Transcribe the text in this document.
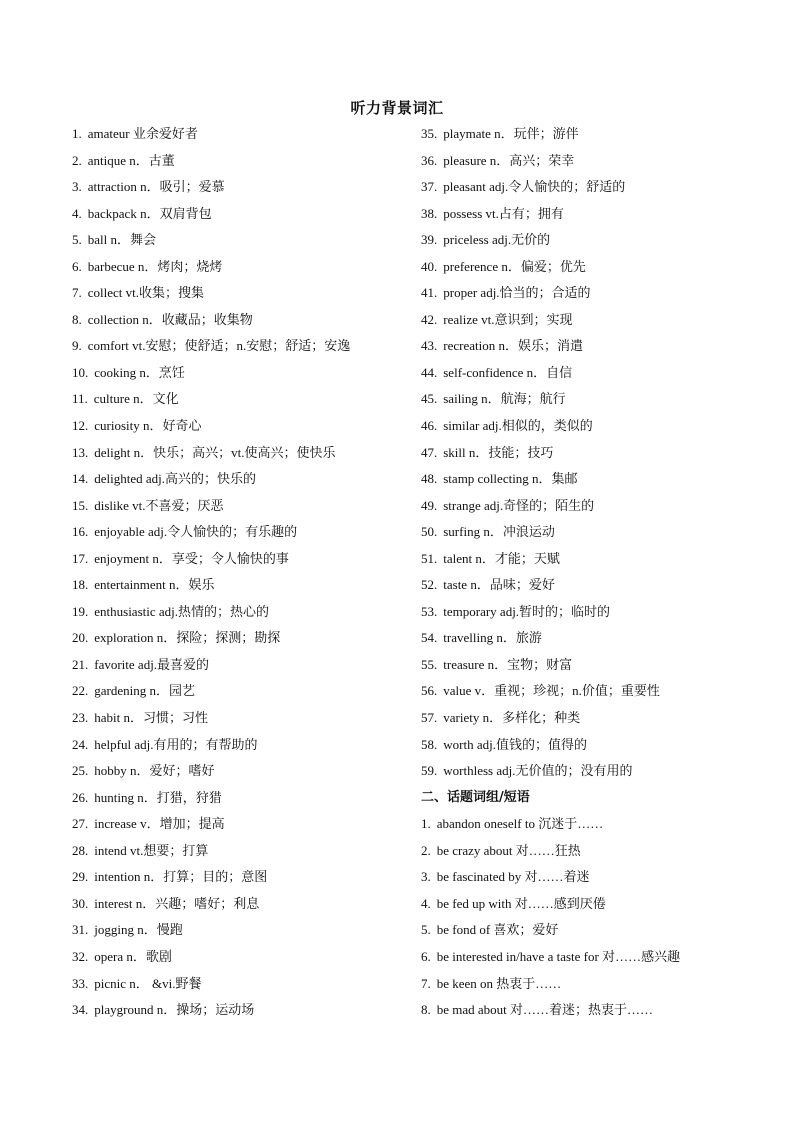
听力背景词汇
1 . amateur 业余爱好者
2 . antique n．古董
3 . attraction n．吸引；爱慕
4 . backpack n．双肩背包
5 . ball n．舞会
6 . barbecue n．烤肉；烧烤
7 . collect vt.收集；搜集
8 . collection n．收藏品；收集物
9 . comfort vt.安慰；使舒适；n.安慰；舒适；安逸
10 . cooking n．烹饪
11 . culture n．文化
12 . curiosity n．好奇心
13 . delight n．快乐；高兴；vt.使高兴；使快乐
14 . delighted adj.高兴的；快乐的
15 . dislike vt.不喜爱；厌恶
16 . enjoyable adj.令人愉快的；有乐趣的
17 . enjoyment n．享受；令人愉快的事
18 . entertainment n．娱乐
19 . enthusiastic adj.热情的；热心的
20 . exploration n．探险；探测；勘探
21 . favorite adj.最喜爱的
22 . gardening n．园艺
23 . habit n．习惯；习性
24 . helpful adj.有用的；有帮助的
25 . hobby n．爱好；嗜好
26 . hunting n．打猎，狩猎
27 . increase v．增加；提高
28 . intend vt.想要；打算
29 . intention n．打算；目的；意图
30 . interest n．兴趣；嗜好；利息
31 . jogging n．慢跑
32 . opera n．歌剧
33 . picnic n． &vi.野餐
34 . playground n．操场；运动场
35 . playmate n．玩伴；游伴
36 . pleasure n．高兴；荣幸
37 . pleasant adj.令人愉快的；舒适的
38 . possess vt.占有；拥有
39 . priceless adj.无价的
40 . preference n．偏爱；优先
41 . proper adj.恰当的；合适的
42 . realize vt.意识到；实现
43 . recreation n．娱乐；消遣
44 . self-confidence n．自信
45 . sailing n．航海；航行
46 . similar adj.相似的，类似的
47 . skill n．技能；技巧
48 . stamp collecting n．集邮
49 . strange adj.奇怪的；陌生的
50 . surfing n．冲浪运动
51 . talent n．才能；天赋
52 . taste n．品味；爱好
53 . temporary adj.暂时的；临时的
54 . travelling n．旅游
55 . treasure n．宝物；财富
56 . value v．重视；珍视；n.价值；重要性
57 . variety n．多样化；种类
58 . worth adj.值钱的；值得的
59 . worthless adj.无价值的；没有用的
二、话题词组/短语
1 . abandon oneself to 沉迷于……
2 . be crazy about 对……狂热
3 . be fascinated by 对……着迷
4 . be fed up with 对……感到厌倦
5 . be fond of 喜欢；爱好
6 . be interested in/have a taste for 对……感兴趣
7 . be keen on 热衷于……
8 . be mad about 对……着迷；热衷于……
